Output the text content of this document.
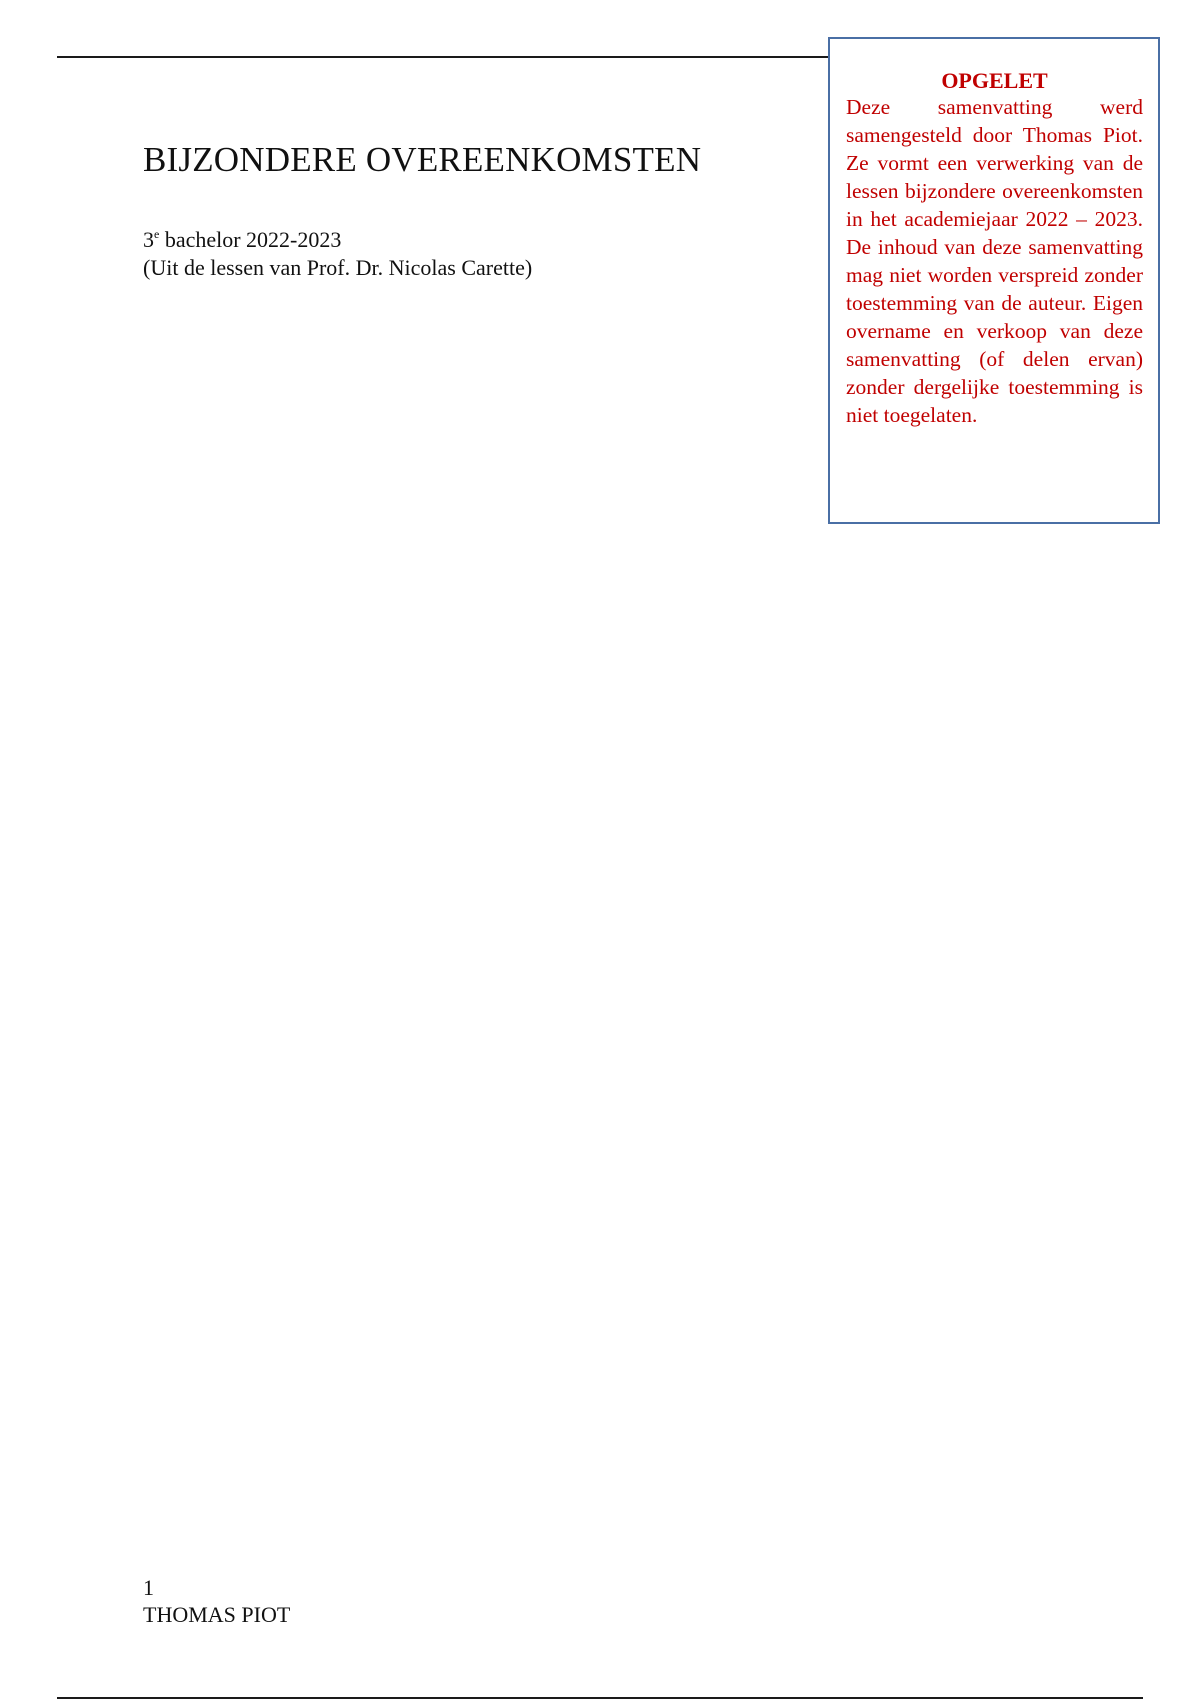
BIJZONDERE OVEREENKOMSTEN
3e bachelor 2022-2023
(Uit de lessen van Prof. Dr. Nicolas Carette)
OPGELET
Deze samenvatting werd samengesteld door Thomas Piot. Ze vormt een verwerking van de lessen bijzondere overeenkomsten in het academiejaar 2022 – 2023. De inhoud van deze samenvatting mag niet worden verspreid zonder toestemming van de auteur. Eigen overname en verkoop van deze samenvatting (of delen ervan) zonder dergelijke toestemming is niet toegelaten.
1
THOMAS PIOT
